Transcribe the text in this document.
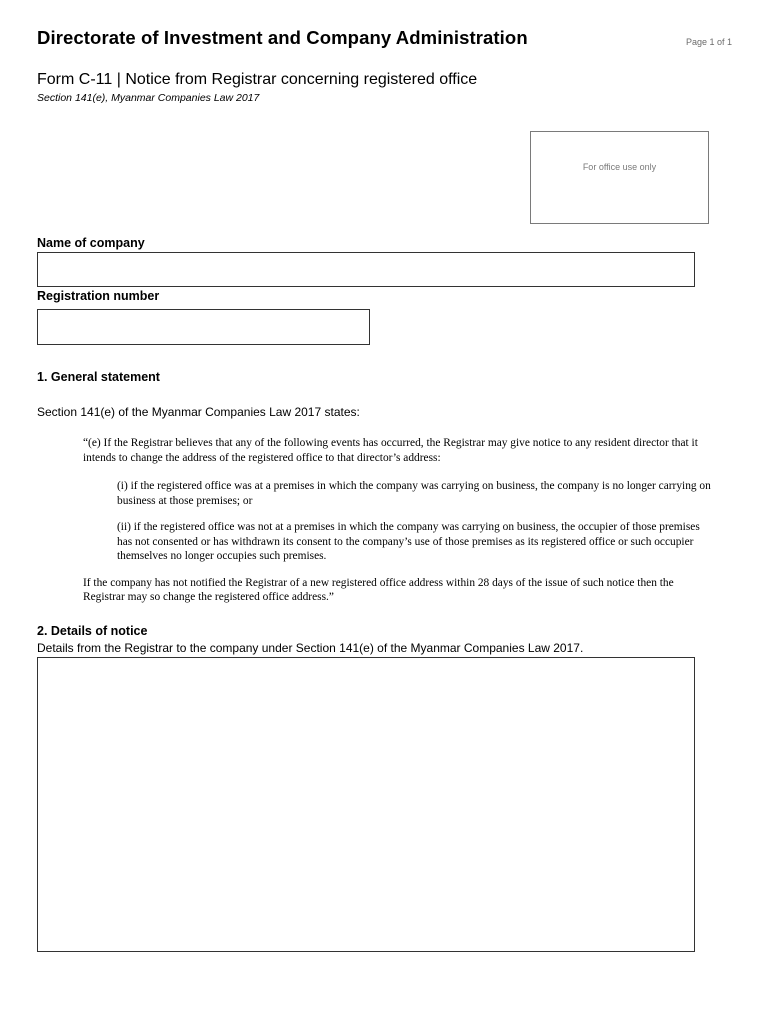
Directorate of Investment and Company Administration	Page 1 of 1
Form C-11 | Notice from Registrar concerning registered office
Section 141(e), Myanmar Companies Law 2017
For office use only
Name of company
Registration number
1. General statement
Section 141(e) of the Myanmar Companies Law 2017 states:

“(e) If the Registrar believes that any of the following events has occurred, the Registrar may give notice to any resident director that it intends to change the address of the registered office to that director’s address:

(i) if the registered office was at a premises in which the company was carrying on business, the company is no longer carrying on business at those premises; or

(ii) if the registered office was not at a premises in which the company was carrying on business, the occupier of those premises has not consented or has withdrawn its consent to the company’s use of those premises as its registered office or such occupier themselves no longer occupies such premises.

If the company has not notified the Registrar of a new registered office address within 28 days of the issue of such notice then the Registrar may so change the registered office address.”

2. Details of notice
Details from the Registrar to the company under Section 141(e) of the Myanmar Companies Law 2017.
